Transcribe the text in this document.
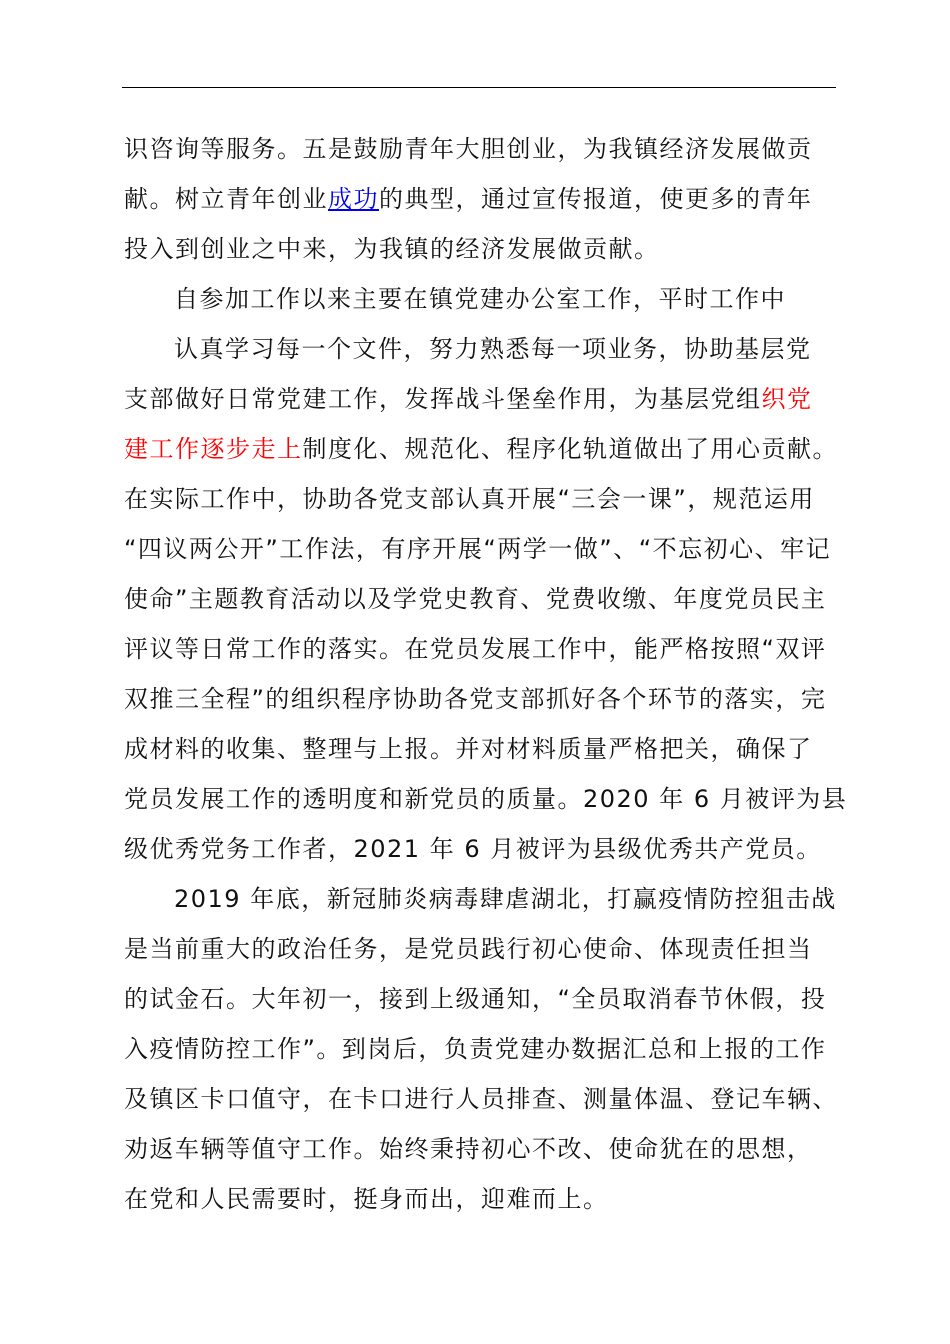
识咨询等服务。五是鼓励青年大胆创业，为我镇经济发展做贡
献。树立青年创业成功的典型，通过宣传报道，使更多的青年
投入到创业之中来，为我镇的经济发展做贡献。
自参加工作以来主要在镇党建办公室工作，平时工作中
认真学习每一个文件，努力熟悉每一项业务，协助基层党
支部做好日常党建工作，发挥战斗堡垒作用，为基层党组织党
建工作逐步走上制度化、规范化、程序化轨道做出了用心贡献。
在实际工作中，协助各党支部认真开展“三会一课”，规范运用
“四议两公开”工作法，有序开展“两学一做”、“不忘初心、牢记
使命”主题教育活动以及学党史教育、党费收缴、年度党员民主
评议等日常工作的落实。在党员发展工作中，能严格按照“双评
双推三全程”的组织程序协助各党支部抓好各个环节的落实，完
成材料的收集、整理与上报。并对材料质量严格把关，确保了
党员发展工作的透明度和新党员的质量。2020 年 6 月被评为县
级优秀党务工作者，2021 年 6 月被评为县级优秀共产党员。
2019 年底，新冠肺炎病毒肆虐湖北，打赢疫情防控狙击战
是当前重大的政治任务，是党员践行初心使命、体现责任担当
的试金石。大年初一，接到上级通知，“全员取消春节休假，投
入疫情防控工作”。到岗后，负责党建办数据汇总和上报的工作
及镇区卡口值守，在卡口进行人员排查、测量体温、登记车辆、
劝返车辆等值守工作。始终秉持初心不改、使命犹在的思想，
在党和人民需要时，挺身而出，迎难而上。
